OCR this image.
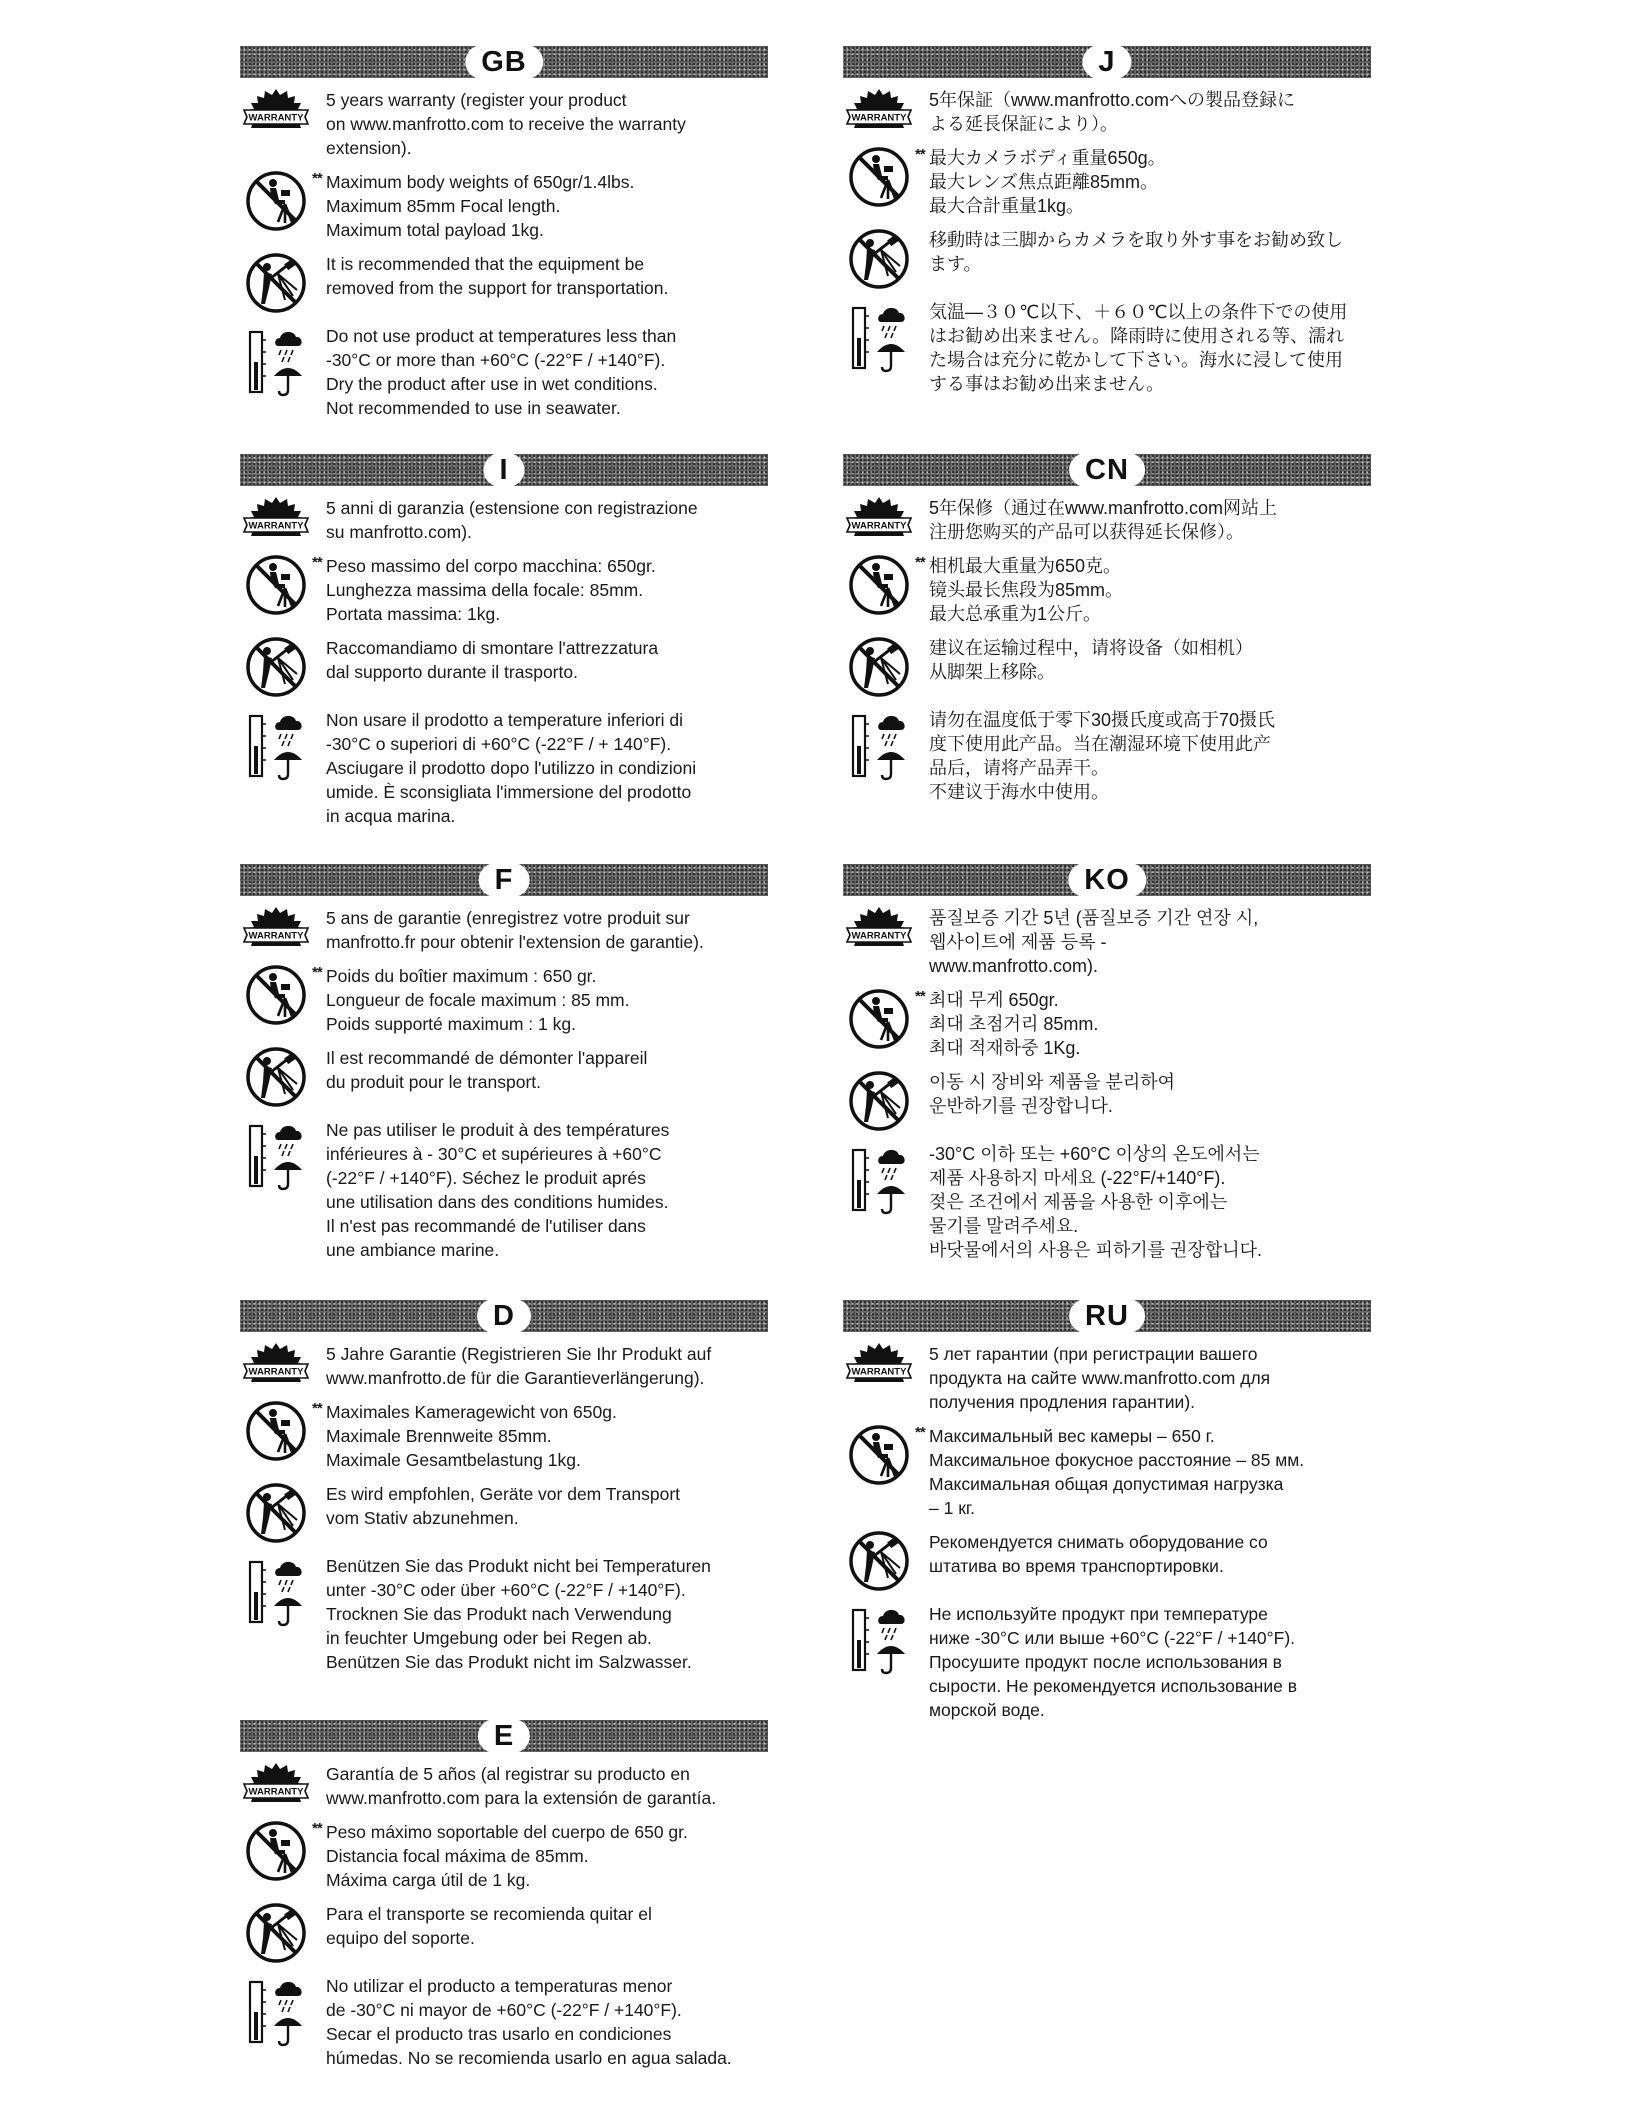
GB
WARRANTY

5 years warranty (register your product
on www.manfrotto.com to receive the warranty
extension).

** Maximum body weights of 650gr/1.4lbs.
Maximum 85mm Focal length.
Maximum total payload 1kg.

It is recommended that the equipment be
removed from the support for transportation.

Do not use product at temperatures less than
-30°C or more than +60°C (-22°F / +140°F).
Dry the product after use in wet conditions.
Not recommended to use in seawater.

I
WARRANTY

5 anni di garanzia (estensione con registrazione
su manfrotto.com).

** Peso massimo del corpo macchina: 650gr.
Lunghezza massima della focale: 85mm.
Portata massima: 1kg.

Raccomandiamo di smontare l'attrezzatura
dal supporto durante il trasporto.

Non usare il prodotto a temperature inferiori di
-30°C o superiori di +60°C (-22°F / + 140°F).
Asciugare il prodotto dopo l'utilizzo in condizioni
umide. È sconsigliata l'immersione del prodotto
in acqua marina.

F
WARRANTY

5 ans de garantie (enregistrez votre produit sur
manfrotto.fr pour obtenir l'extension de garantie).

** Poids du boîtier maximum : 650 gr.
Longueur de focale maximum : 85 mm.
Poids supporté maximum : 1 kg.

Il est recommandé de démonter l'appareil
du produit pour le transport.

Ne pas utiliser le produit à des températures
inférieures à - 30°C et supérieures à +60°C
(-22°F / +140°F). Séchez le produit aprés
une utilisation dans des conditions humides.
Il n'est pas recommandé de l'utiliser dans
une ambiance marine.

D
WARRANTY

5 Jahre Garantie (Registrieren Sie Ihr Produkt auf
www.manfrotto.de für die Garantieverlängerung).

** Maximales Kameragewicht von 650g.
Maximale Brennweite 85mm.
Maximale Gesamtbelastung 1kg.

Es wird empfohlen, Geräte vor dem Transport
vom Stativ abzunehmen.

Benützen Sie das Produkt nicht bei Temperaturen
unter -30°C oder über +60°C (-22°F / +140°F).
Trocknen Sie das Produkt nach Verwendung
in feuchter Umgebung oder bei Regen ab.
Benützen Sie das Produkt nicht im Salzwasser.

E
WARRANTY

Garantía de 5 años (al registrar su producto en
www.manfrotto.com para la extensión de garantía.

** Peso máximo soportable del cuerpo de 650 gr.
Distancia focal máxima de 85mm.
Máxima carga útil de 1 kg.

Para el transporte se recomienda quitar el
equipo del soporte.

No utilizar el producto a temperaturas menor
de -30°C ni mayor de +60°C (-22°F / +140°F).
Secar el producto tras usarlo en condiciones
húmedas. No se recomienda usarlo en agua salada.

J
WARRANTY

5年保証（www.manfrotto.comへの製品登録に
よる延長保証により）。

** 最大カメラボディ重量650g。
最大レンズ焦点距離85mm。
最大合計重量1kg。

移動時は三脚からカメラを取り外す事をお勧め致し
ます。

気温—３０℃以下、＋６０℃以上の条件下での使用
はお勧め出来ません。降雨時に使用される等、濡れ
た場合は充分に乾かして下さい。海水に浸して使用
する事はお勧め出来ません。

CN
WARRANTY

5年保修（通过在www.manfrotto.com网站上
注册您购买的产品可以获得延长保修）。

** 相机最大重量为650克。
镜头最长焦段为85mm。
最大总承重为1公斤。

建议在运输过程中，请将设备（如相机）
从脚架上移除。

请勿在温度低于零下30摄氏度或高于70摄氏
度下使用此产品。当在潮湿环境下使用此产
品后，请将产品弄干。
不建议于海水中使用。

KO
WARRANTY

품질보증 기간 5년 (품질보증 기간 연장 시,
웹사이트에 제품 등록 -
www.manfrotto.com).

** 최대 무게 650gr.
최대 초점거리 85mm.
최대 적재하중 1Kg.

이동 시 장비와 제품을 분리하여
운반하기를 권장합니다.

-30°C 이하 또는 +60°C 이상의 온도에서는
제품 사용하지 마세요 (-22°F/+140°F).
젖은 조건에서 제품을 사용한 이후에는
물기를 말려주세요.
바닷물에서의 사용은 피하기를 권장합니다.

RU
WARRANTY

5 лет гарантии (при регистрации вашего
продукта на сайте www.manfrotto.com для
получения продления гарантии).

** Максимальный вес камеры – 650 г.
Максимальное фокусное расстояние – 85 мм.
Максимальная общая допустимая нагрузка
– 1 кг.

Рекомендуется снимать оборудование со
штатива во время транспортировки.

Не используйте продукт при температуре
ниже -30°C или выше +60°C (-22°F / +140°F).
Просушите продукт после использования в
сырости. Не рекомендуется использование в
морской воде.
